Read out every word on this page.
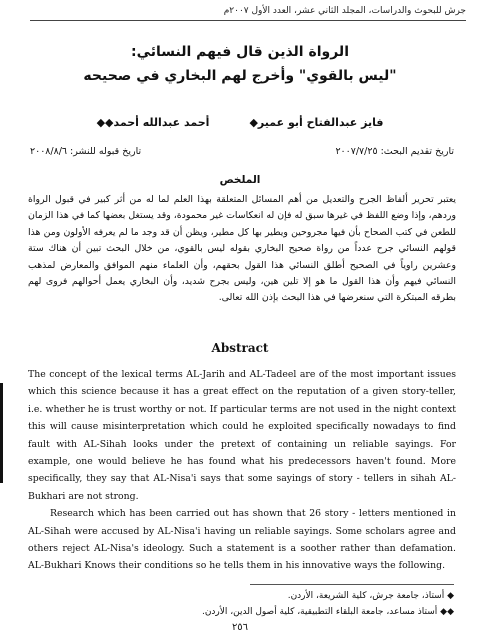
جرش للبحوث والدراسات، المجلد الثاني عشر، العدد الأول ٢٠٠٧م
الرواة الذين قال فيهم النسائي:
"ليس بالقوي" وأخرج لهم البخاري في صحيحه
فايز عبدالفتاح أبو عمير◆
أحمد عبدالله أحمد◆◆
تاريخ تقديم البحث: ٢٠٠٧/٧/٢٥
تاريخ قبوله للنشر: ٢٠٠٨/٨/٦
الملخص
يعتبر تحرير ألفاظ الجرح والتعديل من أهم المسائل المتعلقة بهذا العلم لما له من أثر كبير في قبول الرواة وردهم، وإذا وضع اللفظ في غيرها سبق له فإن له انعكاسات غير محمودة، وقد يستغل بعضها كما في هذا الزمان للطعن في كتب الصحاح بأن فيها مجروحين ويطير بها كل مطير، ويظن أن قد وجد ما لم يعرفه الأولون ومن هذا قولهم النسائي جرح عدداً من رواة صحيح البخاري بقوله ليس بالقوي، من خلال البحث تبين أن هناك ستة وعشرين راوياً في الصحيح أطلق النسائي هذا القول بحقهم، وأن العلماء منهم الموافق والمعارض لمذهب النسائي فيهم وأن هذا القول ما هو إلا تلين هين، وليس بجرح شديد، وأن البخاري يعمل أحوالهم فروى لهم بطرقه المبتكرة التي سنعرضها في هذا البحث بإذن الله تعالى.
Abstract

The concept of the lexical terms AL-Jarih and AL-Tadeel are of the most important issues which this science because it has a great effect on the reputation of a given story-teller, i.e. whether he is trust worthy or not. If particular terms are not used in the night context this will cause misinterpretation which could he exploited specifically nowadays to find fault with AL-Sihah looks under the pretext of containing un reliable sayings. For example, one would believe he has found what his predecessors haven't found. More specifically, they say that AL-Nisa'i says that some sayings of story - tellers in sihah AL-Bukhari are not strong.

Research which has been carried out has shown that 26 story - letters mentioned in AL-Sihah were accused by AL-Nisa'i having un reliable sayings. Some scholars agree and others reject AL-Nisa's ideology. Such a statement is a soother rather than defamation. AL-Bukhari Knows their conditions so he tells them in his innovative ways the following.

◆ أستاذ، جامعة جرش، كلية الشريعة، الأردن.
◆◆ أستاذ مساعد، جامعة البلقاء التطبيقية، كلية أصول الدين، الأردن.
٢٥٦
